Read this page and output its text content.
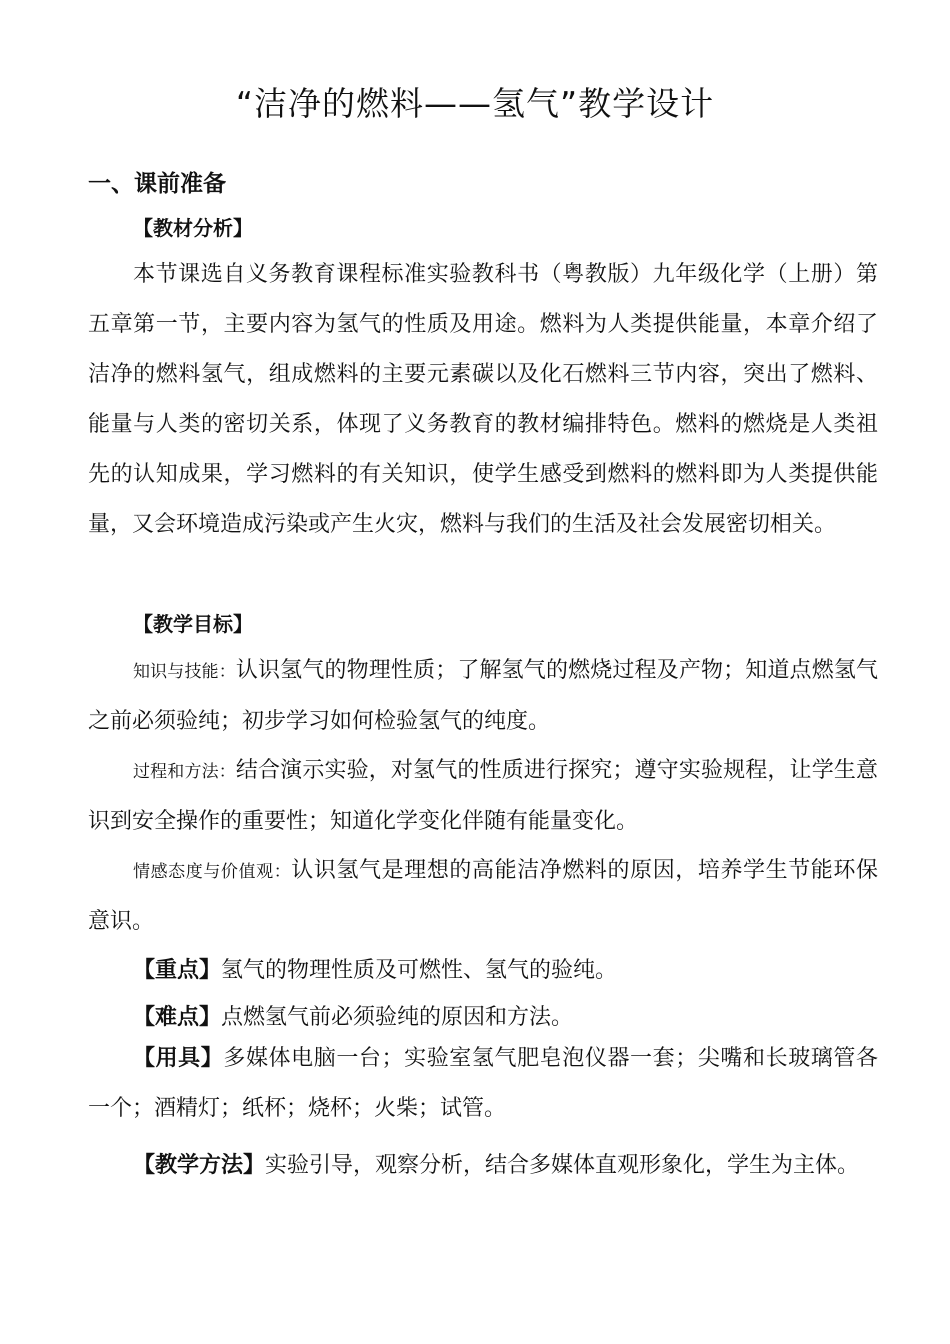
“洁净的燃料——氢气”教学设计
一、课前准备
【教材分析】
本节课选自义务教育课程标准实验教科书（粤教版）九年级化学（上册）第五章第一节，主要内容为氢气的性质及用途。燃料为人类提供能量，本章介绍了洁净的燃料氢气，组成燃料的主要元素碳以及化石燃料三节内容，突出了燃料、能量与人类的密切关系，体现了义务教育的教材编排特色。燃料的燃烧是人类祖先的认知成果，学习燃料的有关知识，使学生感受到燃料的燃料即为人类提供能量，又会环境造成污染或产生火灾，燃料与我们的生活及社会发展密切相关。
【教学目标】
知识与技能：认识氢气的物理性质；了解氢气的燃烧过程及产物；知道点燃氢气之前必须验纯；初步学习如何检验氢气的纯度。
过程和方法：结合演示实验，对氢气的性质进行探究；遵守实验规程，让学生意识到安全操作的重要性；知道化学变化伴随有能量变化。
情感态度与价值观：认识氢气是理想的高能洁净燃料的原因，培养学生节能环保意识。
【重点】氢气的物理性质及可燃性、氢气的验纯。
【难点】点燃氢气前必须验纯的原因和方法。
【用具】多媒体电脑一台；实验室氢气肥皂泡仪器一套；尖嘴和长玻璃管各一个；酒精灯；纸杯；烧杯；火柴；试管。
【教学方法】实验引导，观察分析，结合多媒体直观形象化，学生为主体。
